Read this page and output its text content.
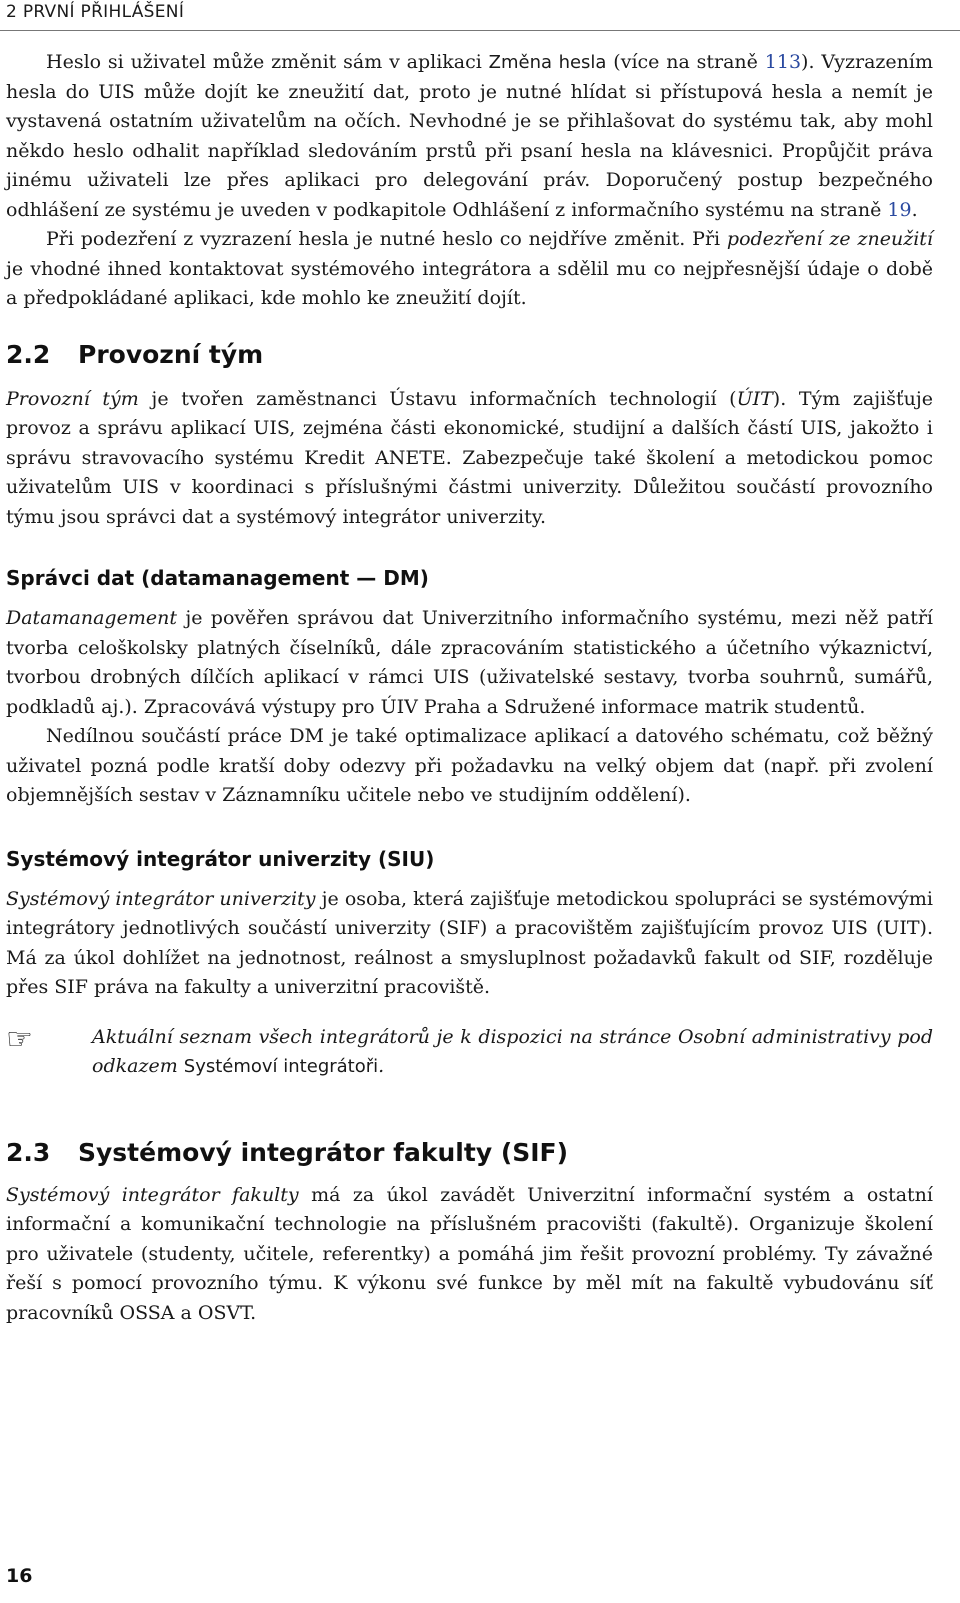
2 PRVNÍ PŘIHLÁŠENÍ

Heslo si uživatel může změnit sám v aplikaci Změna hesla (více na straně 113). Vyzrazením hesla do UIS může dojít ke zneužití dat, proto je nutné hlídat si přístupová hesla a nemít je vystavená ostatním uživatelům na očích. Nevhodné je se přihlašovat do systému tak, aby mohl někdo heslo odhalit například sledováním prstů při psaní hesla na klávesnici. Propůjčit práva jinému uživateli lze přes aplikaci pro delegování práv. Doporučený postup bezpečného odhlášení ze systému je uveden v podkapitole Odhlášení z informačního systému na straně 19.

Při podezření z vyzrazení hesla je nutné heslo co nejdříve změnit. Při podezření ze zneužití je vhodné ihned kontaktovat systémového integrátora a sdělil mu co nejpřesnější údaje o době a předpokládané aplikaci, kde mohlo ke zneužití dojít.

2.2 Provozní tým

Provozní tým je tvořen zaměstnanci Ústavu informačních technologií (ÚIT). Tým zajišťuje provoz a správu aplikací UIS, zejména části ekonomické, studijní a dalších částí UIS, jakožto i správu stravovacího systému Kredit ANETE. Zabezpečuje také školení a metodickou pomoc uživatelům UIS v koordinaci s příslušnými částmi univerzity. Důležitou součástí provozního týmu jsou správci dat a systémový integrátor univerzity.

Správci dat (datamanagement — DM)

Datamanagement je pověřen správou dat Univerzitního informačního systému, mezi něž patří tvorba celoškolsky platných číselníků, dále zpracováním statistického a účetního výkaznictví, tvorbou drobných dílčích aplikací v rámci UIS (uživatelské sestavy, tvorba souhrnů, sumářů, podkladů aj.). Zpracovává výstupy pro ÚIV Praha a Sdružené informace matrik studentů.

Nedílnou součástí práce DM je také optimalizace aplikací a datového schématu, což běžný uživatel pozná podle kratší doby odezvy při požadavku na velký objem dat (např. při zvolení objemnějších sestav v Záznamníku učitele nebo ve studijním oddělení).

Systémový integrátor univerzity (SIU)

Systémový integrátor univerzity je osoba, která zajišťuje metodickou spolupráci se systémovými integrátory jednotlivých součástí univerzity (SIF) a pracovištěm zajišťujícím provoz UIS (UIT). Má za úkol dohlížet na jednotnost, reálnost a smysluplnost požadavků fakult od SIF, rozděluje přes SIF práva na fakulty a univerzitní pracoviště.

☞	Aktuální seznam všech integrátorů je k dispozici na stránce Osobní administrativy pod odkazem Systémoví integrátoři.

2.3 Systémový integrátor fakulty (SIF)

Systémový integrátor fakulty má za úkol zavádět Univerzitní informační systém a ostatní informační a komunikační technologie na příslušném pracovišti (fakultě). Organizuje školení pro uživatele (studenty, učitele, referentky) a pomáhá jim řešit provozní problémy. Ty závažné řeší s pomocí provozního týmu. K výkonu své funkce by měl mít na fakultě vybudovánu síť pracovníků OSSA a OSVT.

16
